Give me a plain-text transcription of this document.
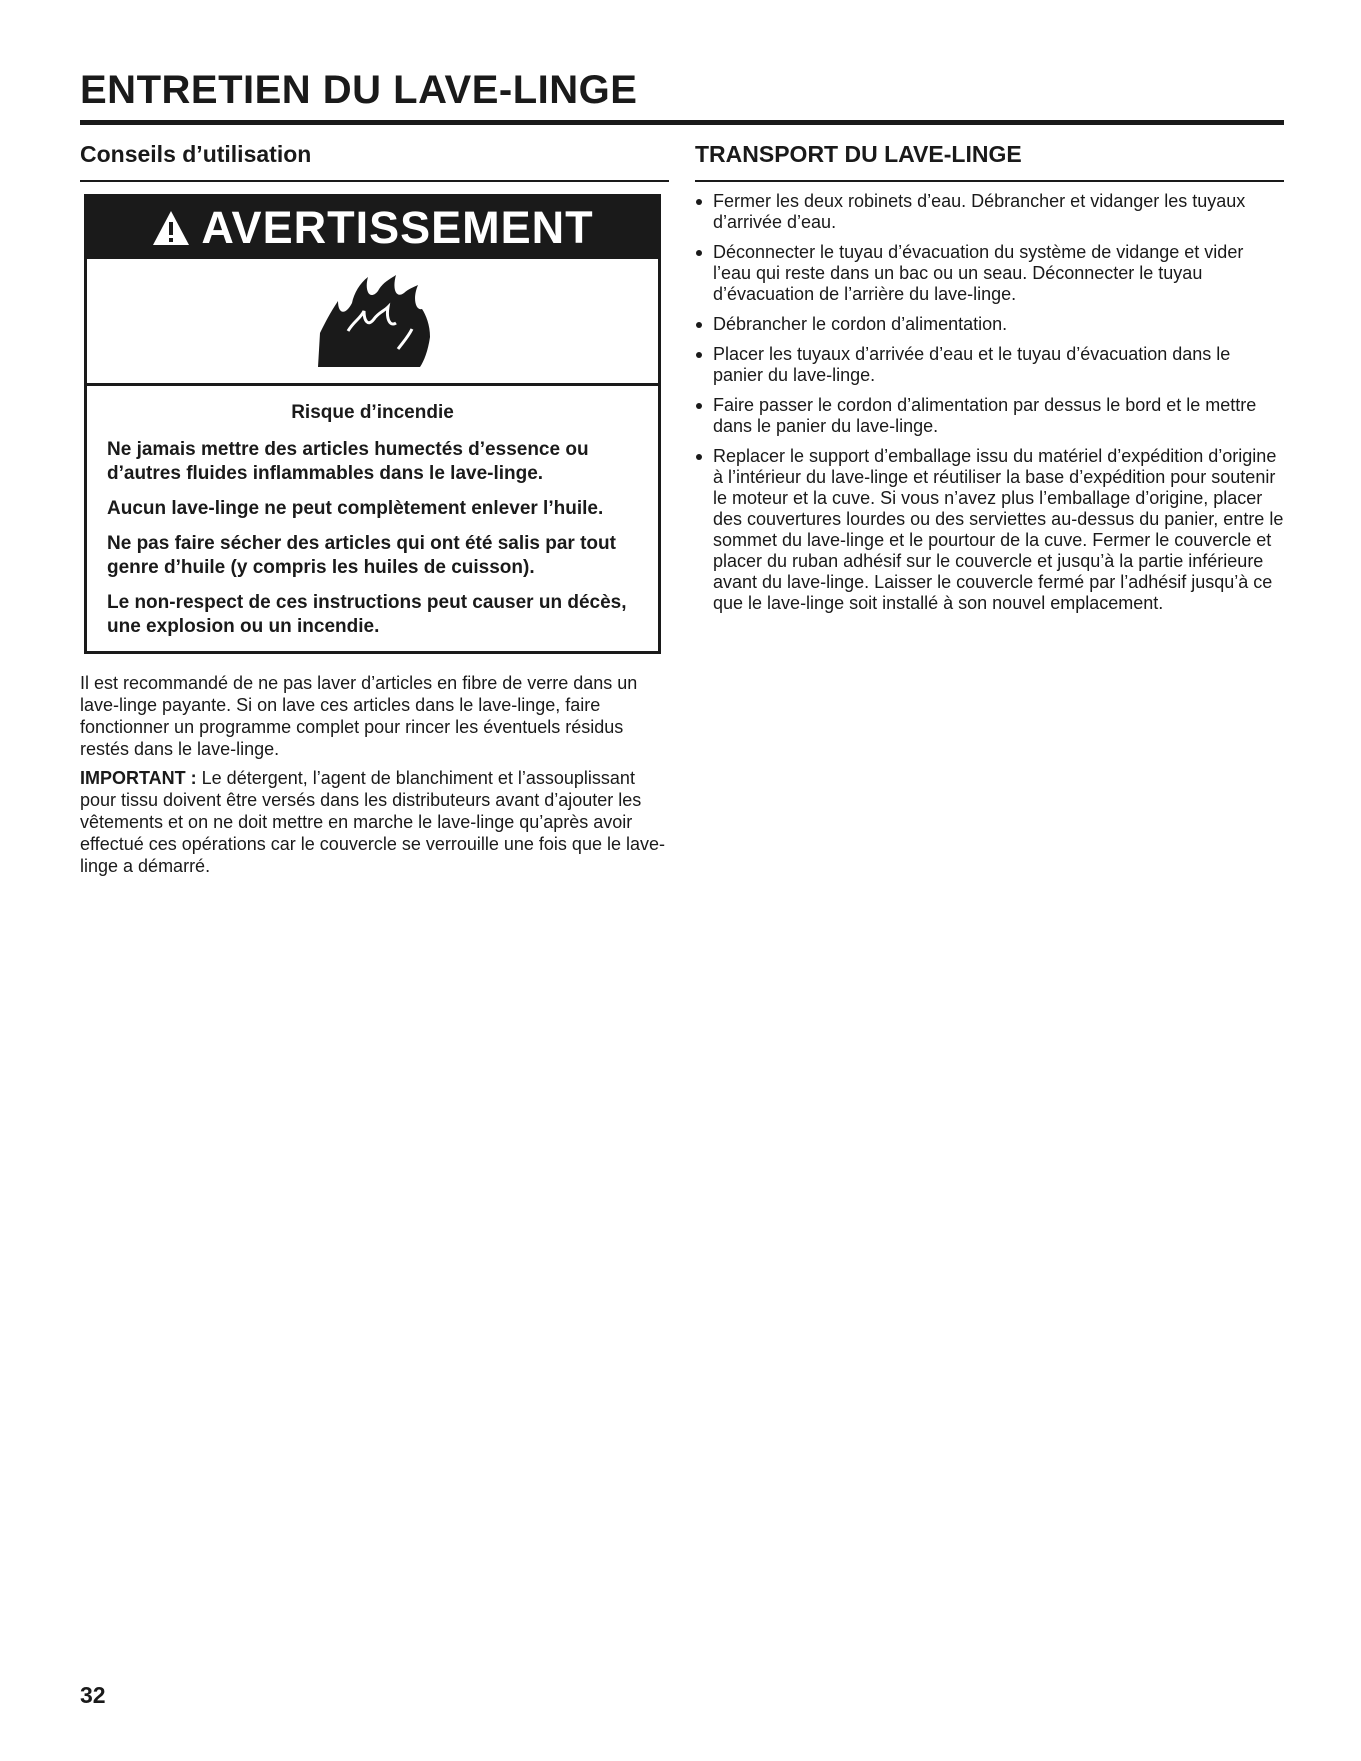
ENTRETIEN DU LAVE-LINGE
Conseils d’utilisation
AVERTISSEMENT

Risque d’incendie

Ne jamais mettre des articles humectés d’essence ou d’autres fluides inflammables dans le lave-linge.

Aucun lave-linge ne peut complètement enlever l’huile.

Ne pas faire sécher des articles qui ont été salis par tout genre d’huile (y compris les huiles de cuisson).

Le non-respect de ces instructions peut causer un décès, une explosion ou un incendie.

Il est recommandé de ne pas laver d’articles en fibre de verre dans un lave-linge payante. Si on lave ces articles dans le lave-linge, faire fonctionner un programme complet pour rincer les éventuels résidus restés dans le lave-linge.

IMPORTANT : Le détergent, l’agent de blanchiment et l’assouplissant pour tissu doivent être versés dans les distributeurs avant d’ajouter les vêtements et on ne doit mettre en marche le lave-linge qu’après avoir effectué ces opérations car le couvercle se verrouille une fois que le lave-linge a démarré.

TRANSPORT DU LAVE-LINGE
Fermer les deux robinets d’eau. Débrancher et vidanger les tuyaux d’arrivée d’eau.
Déconnecter le tuyau d’évacuation du système de vidange et vider l’eau qui reste dans un bac ou un seau. Déconnecter le tuyau d’évacuation de l’arrière du lave-linge.
Débrancher le cordon d’alimentation.
Placer les tuyaux d’arrivée d’eau et le tuyau d’évacuation dans le panier du lave-linge.
Faire passer le cordon d’alimentation par dessus le bord et le mettre dans le panier du lave-linge.
Replacer le support d’emballage issu du matériel d’expédition d’origine à l’intérieur du lave-linge et réutiliser la base d’expédition pour soutenir le moteur et la cuve. Si vous n’avez plus l’emballage d’origine, placer des couvertures lourdes ou des serviettes au-dessus du panier, entre le sommet du lave-linge et le pourtour de la cuve. Fermer le couvercle et placer du ruban adhésif sur le couvercle et jusqu’à la partie inférieure avant du lave-linge. Laisser le couvercle fermé par l’adhésif jusqu’à ce que le lave-linge soit installé à son nouvel emplacement.
32
